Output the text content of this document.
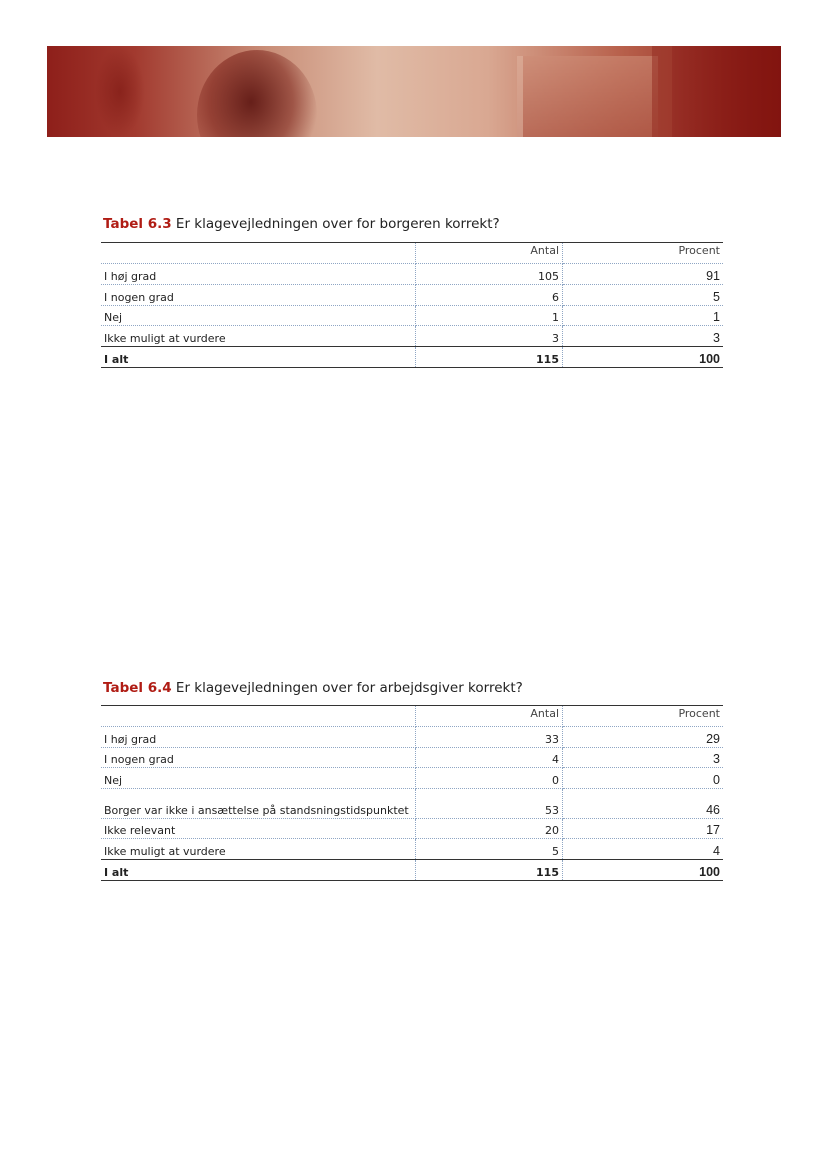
Tabel 6.3 Er klagevejledningen over for borgeren korrekt?
	Antal	Procent
I høj grad	105	91
I nogen grad	6	5
Nej	1	1
Ikke muligt at vurdere	3	3
I alt	115	100
Tabel 6.4 Er klagevejledningen over for arbejdsgiver korrekt?
	Antal	Procent
I høj grad	33	29
I nogen grad	4	3
Nej	0	0
Borger var ikke i ansættelse på standsningstidspunktet	53	46
Ikke relevant	20	17
Ikke muligt at vurdere	5	4
I alt	115	100
